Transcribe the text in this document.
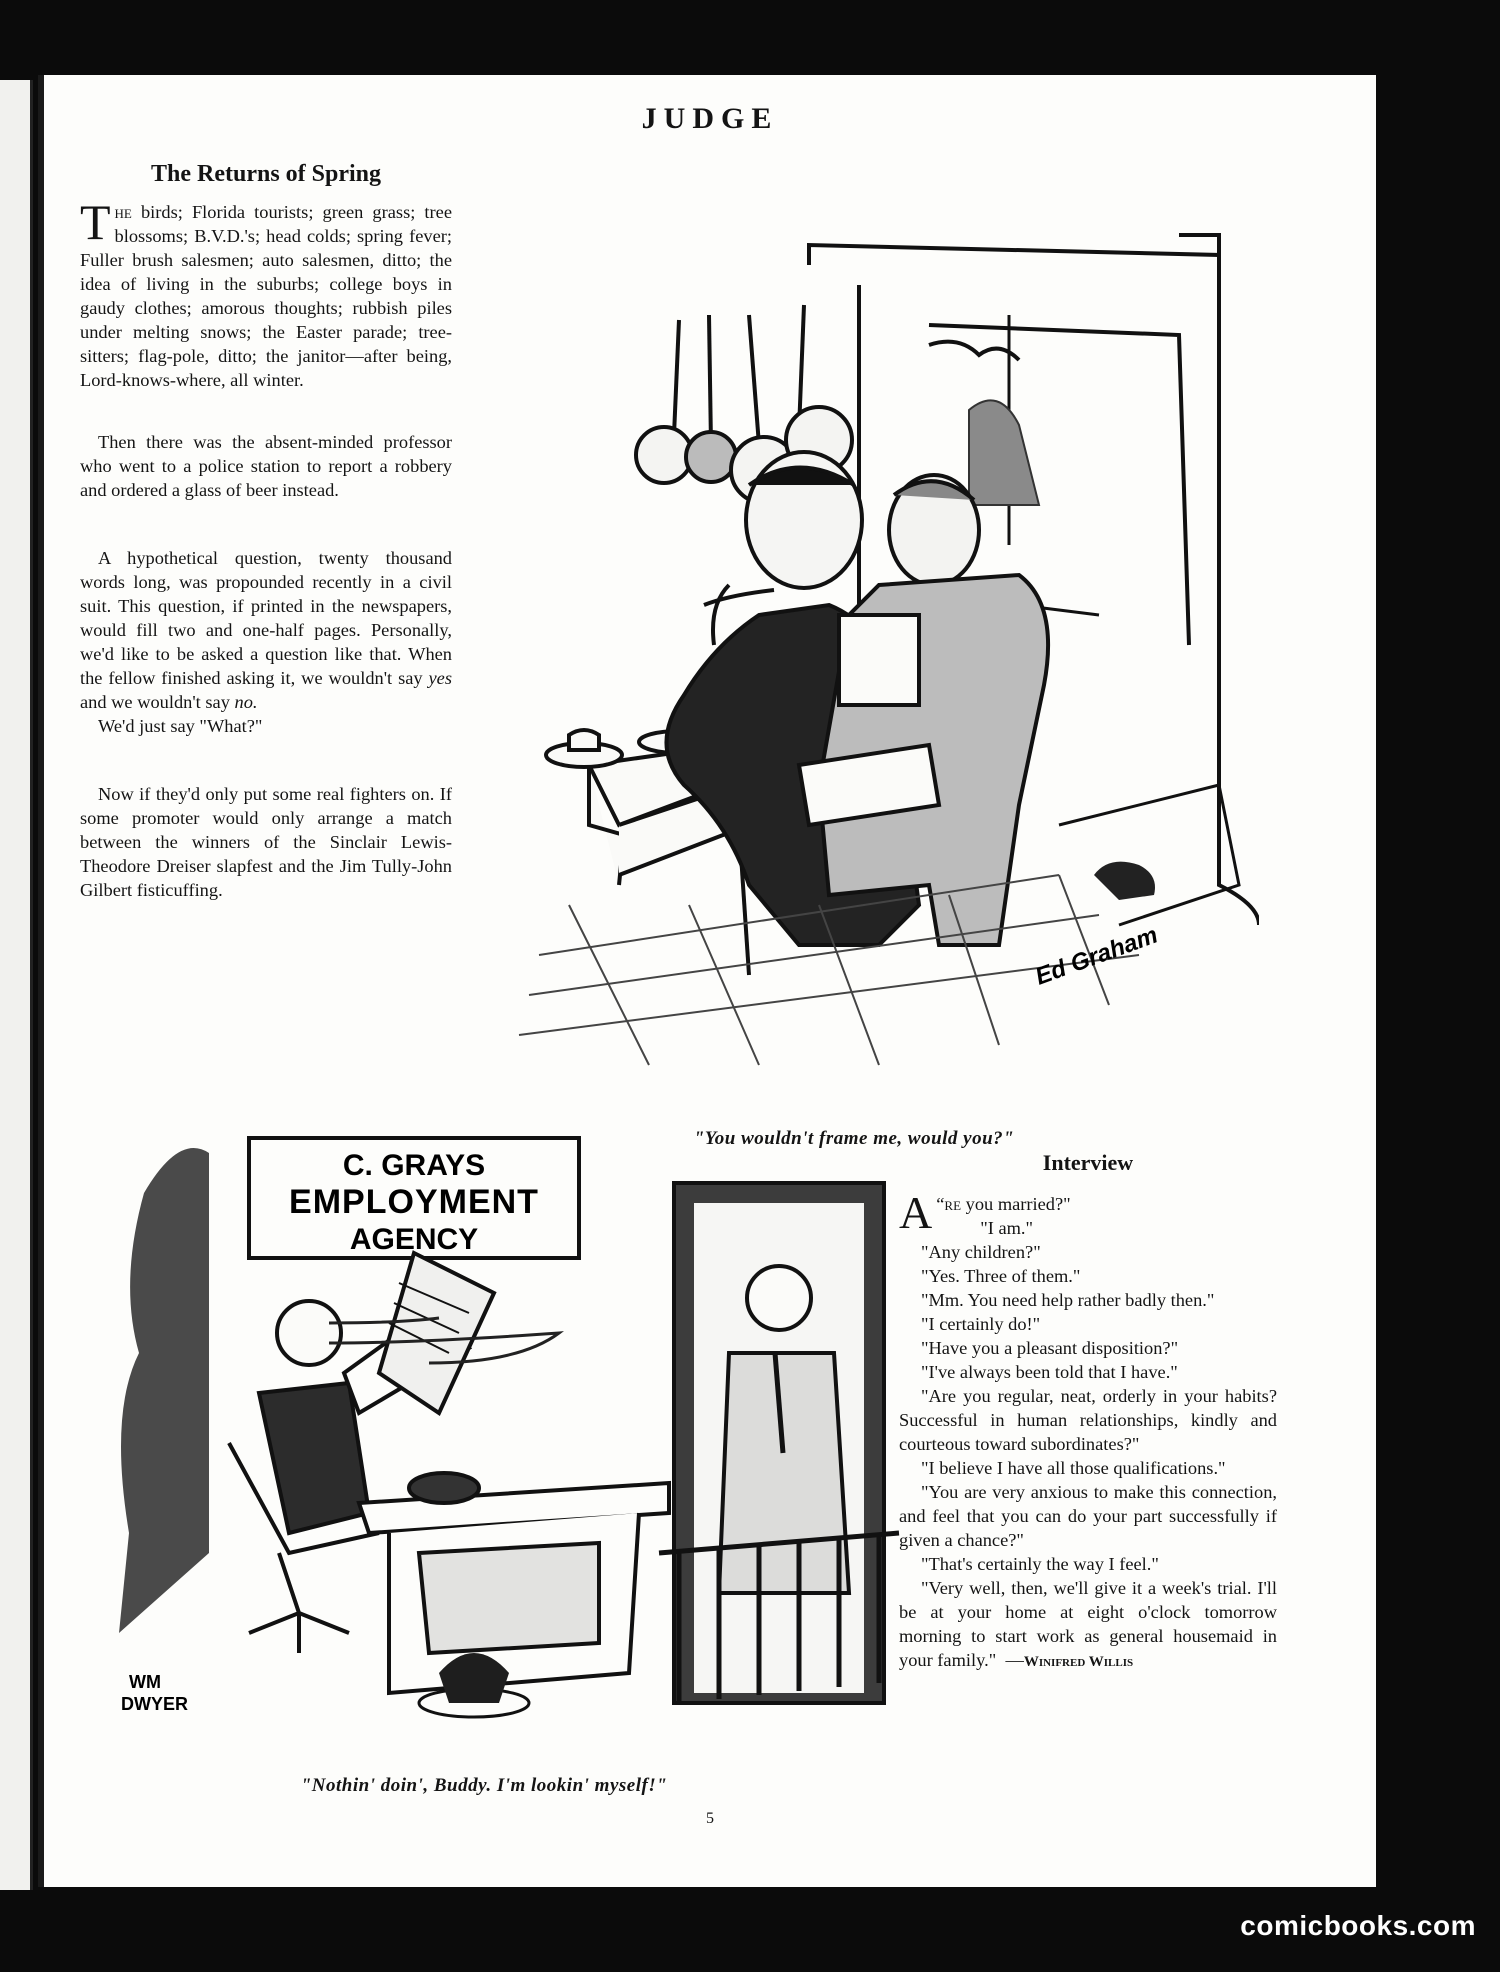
JUDGE
The Returns of Spring

The birds; Florida tourists; green grass; tree blossoms; B.V.D.'s; head colds; spring fever; Fuller brush salesmen; auto salesmen, ditto; the idea of living in the suburbs; college boys in gaudy clothes; amorous thoughts; rubbish piles under melting snows; the Easter parade; tree-sitters; flag-pole, ditto; the janitor—after being, Lord-knows-where, all winter.

Then there was the absent-minded professor who went to a police station to report a robbery and ordered a glass of beer instead.

A hypothetical question, twenty thousand words long, was propounded recently in a civil suit. This question, if printed in the newspapers, would fill two and one-half pages. Personally, we'd like to be asked a question like that. When the fellow finished asking it, we wouldn't say yes and we wouldn't say no.

We'd just say "What?"

Now if they'd only put some real fighters on. If some promoter would only arrange a match between the winners of the Sinclair Lewis-Theodore Dreiser slapfest and the Jim Tully-John Gilbert fisticuffing.

Ed Graham
"You wouldn't frame me, would you?"
C. GRAYS
EMPLOYMENT
AGENCY
WM
DWYER
"Nothin' doin', Buddy. I'm lookin' myself!"
Interview

“
A re you married?"

"I am."

"Any children?"

"Yes. Three of them."

"Mm. You need help rather badly then."

"I certainly do!"

"Have you a pleasant disposition?"

"I've always been told that I have."

"Are you regular, neat, orderly in your habits? Successful in human relationships, kindly and courteous toward subordinates?"

"I believe I have all those qualifications."

"You are very anxious to make this connection, and feel that you can do your part successfully if given a chance?"

"That's certainly the way I feel."

"Very well, then, we'll give it a week's trial. I'll be at your home at eight o'clock tomorrow morning to start work as general housemaid in your family." —Winifred Willis

5
comicbooks.com
